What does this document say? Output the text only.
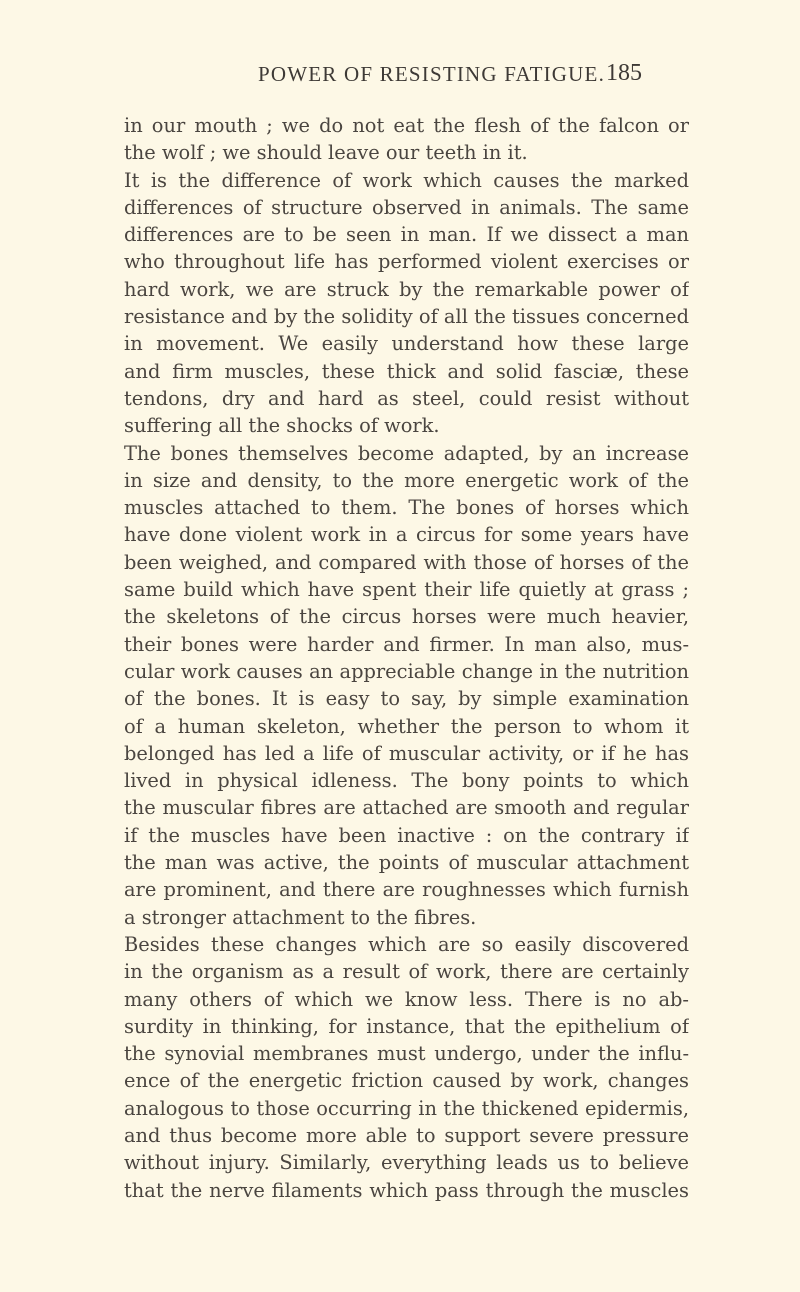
POWER OF RESISTING FATIGUE. 185
in our mouth ; we do not eat the flesh of the falcon or
the wolf ; we should leave our teeth in it.
It is the difference of work which causes the marked
differences of structure observed in animals. The same
differences are to be seen in man. If we dissect a man
who throughout life has performed violent exercises or
hard work, we are struck by the remarkable power of
resistance and by the solidity of all the tissues concerned
in movement. We easily understand how these large
and firm muscles, these thick and solid fasciæ, these
tendons, dry and hard as steel, could resist without
suffering all the shocks of work.
The bones themselves become adapted, by an increase
in size and density, to the more energetic work of the
muscles attached to them. The bones of horses which
have done violent work in a circus for some years have
been weighed, and compared with those of horses of the
same build which have spent their life quietly at grass ;
the skeletons of the circus horses were much heavier,
their bones were harder and firmer. In man also, mus-
cular work causes an appreciable change in the nutrition
of the bones. It is easy to say, by simple examination
of a human skeleton, whether the person to whom it
belonged has led a life of muscular activity, or if he has
lived in physical idleness. The bony points to which
the muscular fibres are attached are smooth and regular
if the muscles have been inactive : on the contrary if
the man was active, the points of muscular attachment
are prominent, and there are roughnesses which furnish
a stronger attachment to the fibres.
Besides these changes which are so easily discovered
in the organism as a result of work, there are certainly
many others of which we know less. There is no ab-
surdity in thinking, for instance, that the epithelium of
the synovial membranes must undergo, under the influ-
ence of the energetic friction caused by work, changes
analogous to those occurring in the thickened epidermis,
and thus become more able to support severe pressure
without injury. Similarly, everything leads us to believe
that the nerve filaments which pass through the muscles
